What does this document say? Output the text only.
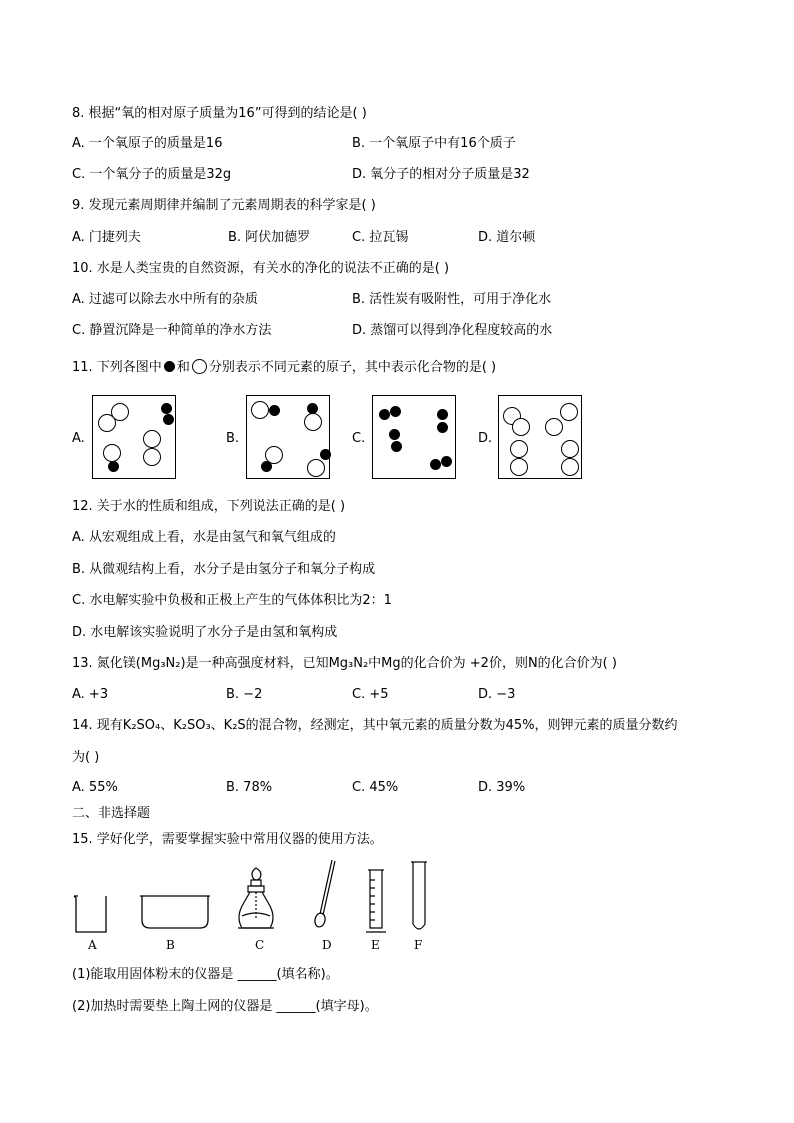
8. 根据“氧的相对原子质量为16”可得到的结论是( )
A. 一个氧原子的质量是16	B. 一个氧原子中有16个质子
C. 一个氧分子的质量是32g	D. 氧分子的相对分子质量是32
9. 发现元素周期律并编制了元素周期表的科学家是( )
A. 门捷列夫	B. 阿伏加德罗	C. 拉瓦锡	D. 道尔顿
10. 水是人类宝贵的自然资源，有关水的净化的说法不正确的是( )
A. 过滤可以除去水中所有的杂质	B. 活性炭有吸附性，可用于净化水
C. 静置沉降是一种简单的净水方法	D. 蒸馏可以得到净化程度较高的水
11. 下列各图中 和 分别表示不同元素的原子，其中表示化合物的是( )
A.	B.	C.	D.
12. 关于水的性质和组成，下列说法正确的是( )
A. 从宏观组成上看，水是由氢气和氧气组成的
B. 从微观结构上看，水分子是由氢分子和氧分子构成
C. 水电解实验中负极和正极上产生的气体体积比为2：1
D. 水电解该实验说明了水分子是由氢和氧构成
13. 氮化镁(Mg₃N₂)是一种高强度材料，已知Mg₃N₂中Mg的化合价为 +2价，则N的化合价为( )
A. +3	B. −2	C. +5	D. −3
14. 现有K₂SO₄、K₂SO₃、K₂S的混合物，经测定，其中氧元素的质量分数为45%，则钾元素的质量分数约
为( )
A. 55%	B. 78%	C. 45%	D. 39%
二、非选择题
15. 学好化学，需要掌握实验中常用仪器的使用方法。
A	B	C	D	E	F
(1)能取用固体粉末的仪器是 ______(填名称)。
(2)加热时需要垫上陶土网的仪器是 ______(填字母)。
